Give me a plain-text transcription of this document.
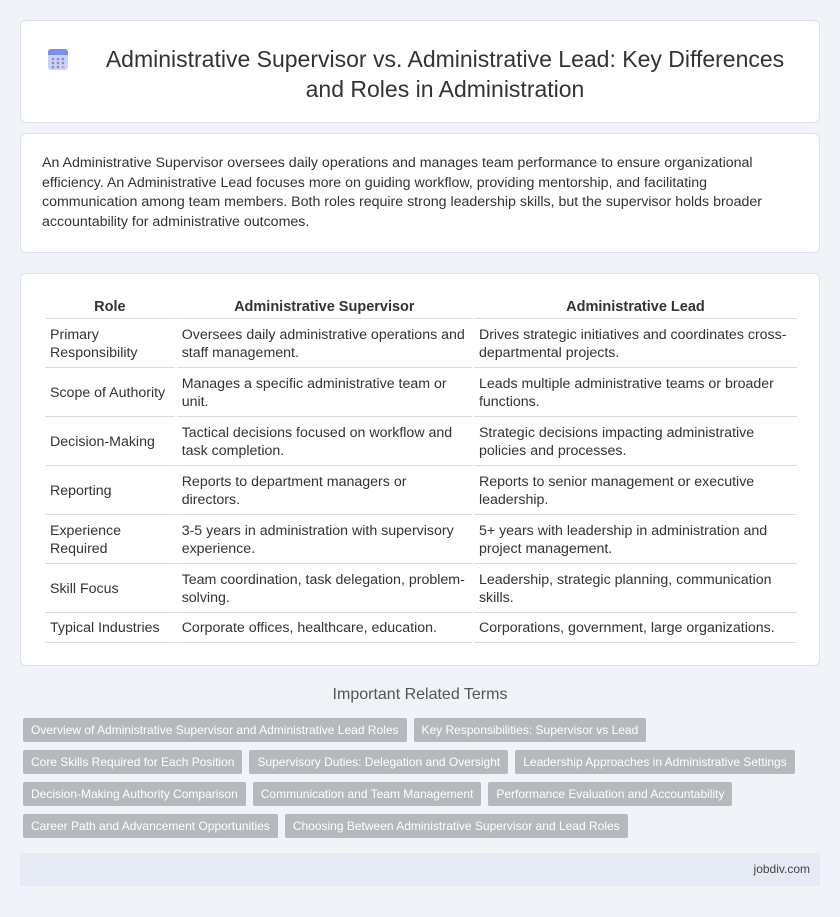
Administrative Supervisor vs. Administrative Lead: Key Differences and Roles in Administration

An Administrative Supervisor oversees daily operations and manages team performance to ensure organizational efficiency. An Administrative Lead focuses more on guiding workflow, providing mentorship, and facilitating communication among team members. Both roles require strong leadership skills, but the supervisor holds broader accountability for administrative outcomes.

Role	Administrative Supervisor	Administrative Lead
Primary Responsibility	Oversees daily administrative operations and staff management.	Drives strategic initiatives and coordinates cross-departmental projects.
Scope of Authority	Manages a specific administrative team or unit.	Leads multiple administrative teams or broader functions.
Decision-Making	Tactical decisions focused on workflow and task completion.	Strategic decisions impacting administrative policies and processes.
Reporting	Reports to department managers or directors.	Reports to senior management or executive leadership.
Experience Required	3-5 years in administration with supervisory experience.	5+ years with leadership in administration and project management.
Skill Focus	Team coordination, task delegation, problem-solving.	Leadership, strategic planning, communication skills.
Typical Industries	Corporate offices, healthcare, education.	Corporations, government, large organizations.
Important Related Terms
Overview of Administrative Supervisor and Administrative Lead Roles	Key Responsibilities: Supervisor vs Lead
Core Skills Required for Each Position	Supervisory Duties: Delegation and Oversight	Leadership Approaches in Administrative Settings
Decision-Making Authority Comparison	Communication and Team Management	Performance Evaluation and Accountability
Career Path and Advancement Opportunities	Choosing Between Administrative Supervisor and Lead Roles
jobdiv.com
